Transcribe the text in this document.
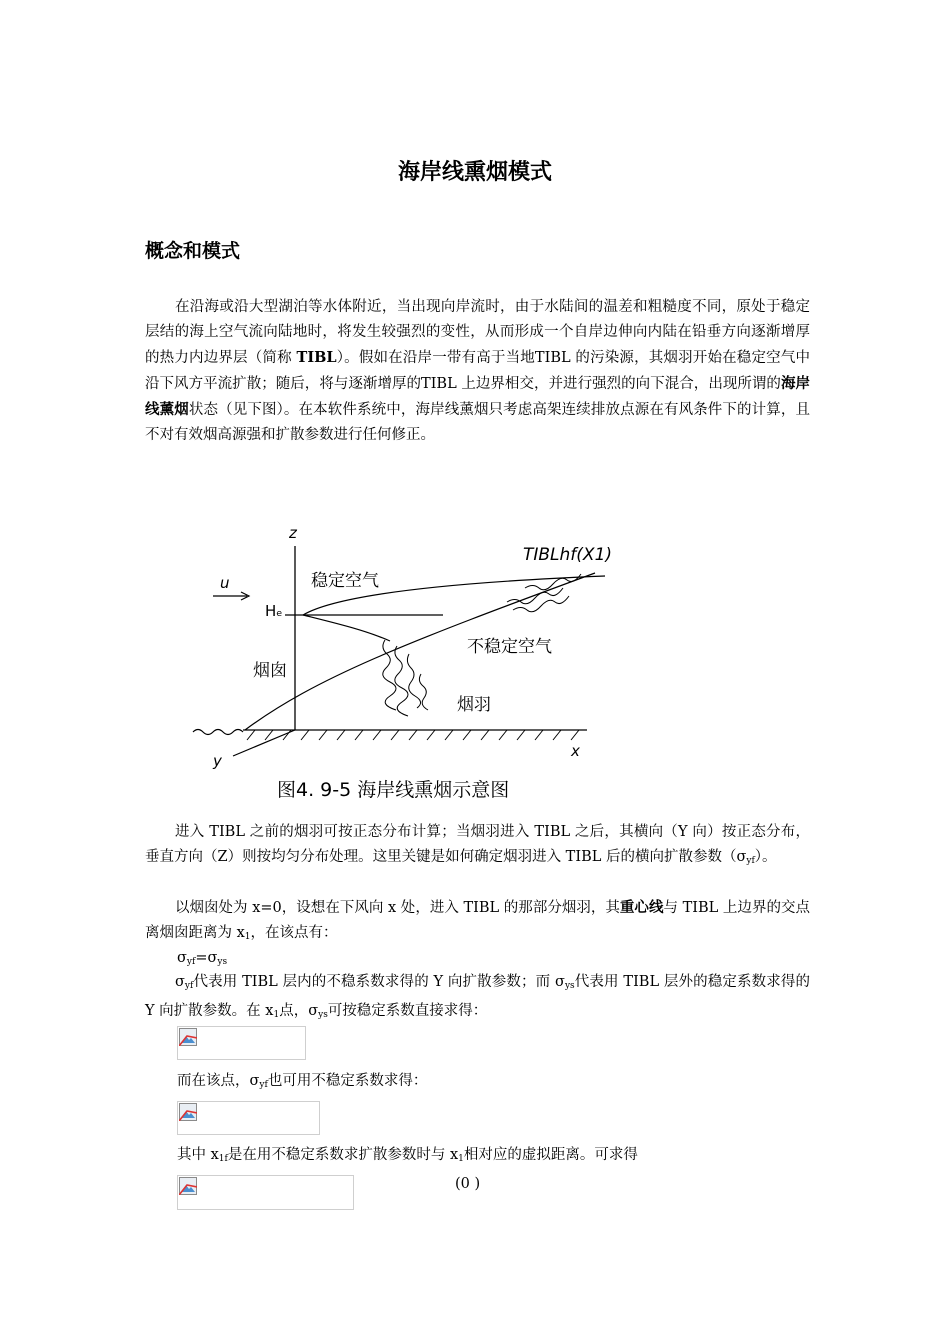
海岸线熏烟模式
概念和模式

在沿海或沿大型湖泊等水体附近，当出现向岸流时，由于水陆间的温差和粗糙度不同，原处于稳定层结的海上空气流向陆地时，将发生较强烈的变性，从而形成一个自岸边伸向内陆在铅垂方向逐渐增厚的热力内边界层（简称 TIBL）。假如在沿岸一带有高于当地TIBL 的污染源，其烟羽开始在稳定空气中沿下风方平流扩散；随后，将与逐渐增厚的TIBL 上边界相交，并进行强烈的向下混合，出现所谓的海岸线薰烟状态（见下图）。在本软件系统中，海岸线薰烟只考虑高架连续排放点源在有风条件下的计算，且不对有效烟高源强和扩散参数进行任何修正。

z
u
Hₑ
稳定空气
不稳定空气
烟囱
烟羽
TIBLhf(X1)
x
y
图4. 9-5 海岸线熏烟示意图

进入 TIBL 之前的烟羽可按正态分布计算；当烟羽进入 TIBL 之后，其横向（Y 向）按正态分布，垂直方向（Z）则按均匀分布处理。这里关键是如何确定烟羽进入 TIBL 后的横向扩散参数$(\sigma_{yf})$。

以烟囱处为 x=0，设想在下风向 x 处，进入 TIBL 的那部分烟羽，其重心线与 TIBL 上边界的交点离烟囱距离为 $x_1$，在该点有：

$\sigma_{yf}=\sigma_{ys}$

$\sigma_{yf}$代表用 TIBL 层内的不稳系数求得的 Y 向扩散参数；而 $\sigma_{ys}$代表用 TIBL 层外的稳定系数求得的 Y 向扩散参数。在 $x_1$点，$\sigma_{ys}$可按稳定系数直接求得：

而在该点，$\sigma_{yf}$也可用不稳定系数求得：
其中 $x_{1f}$是在用不稳定系数求扩散参数时与 $x_1$相对应的虚拟距离。可求得
(0 )
